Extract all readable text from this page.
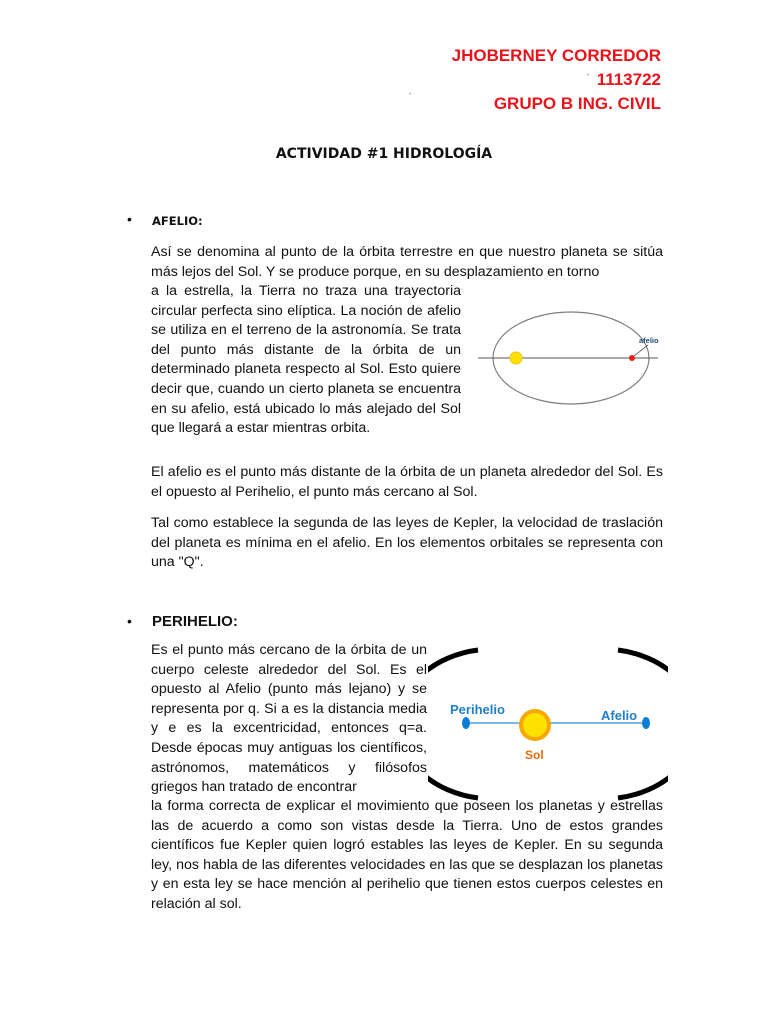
JHOBERNEY CORREDOR
1113722
GRUPO B ING. CIVIL
•
•
ACTIVIDAD #1 HIDROLOGÍA
• AFELIO:

Así se denomina al punto de la órbita terrestre en que nuestro planeta se sitúa más lejos del Sol. Y se produce porque, en su desplazamiento en torno

a la estrella, la Tierra no traza una trayectoria circular perfecta sino elíptica. La noción de afelio se utiliza en el terreno de la astronomía. Se trata del punto más distante de la órbita de un determinado planeta respecto al Sol. Esto quiere decir que, cuando un cierto planeta se encuentra en su afelio, está ubicado lo más alejado del Sol que llegará a estar mientras orbita.

afelio

El afelio es el punto más distante de la órbita de un planeta alrededor del Sol. Es el opuesto al Perihelio, el punto más cercano al Sol.

Tal como establece la segunda de las leyes de Kepler, la velocidad de traslación del planeta es mínima en el afelio. En los elementos orbitales se representa con una "Q".

• PERIHELIO:
Perihelio	Afelio
Sol

Es el punto más cercano de la órbita de un cuerpo celeste alrededor del Sol. Es el opuesto al Afelio (punto más lejano) y se representa por q. Si a es la distancia media y e es la excentricidad, entonces q=a. Desde épocas muy antiguas los científicos, astrónomos, matemáticos y filósofos griegos han tratado de encontrar

la forma correcta de explicar el movimiento que poseen los planetas y estrellas las de acuerdo a como son vistas desde la Tierra. Uno de estos grandes científicos fue Kepler quien logró estables las leyes de Kepler. En su segunda ley, nos habla de las diferentes velocidades en las que se desplazan los planetas y en esta ley se hace mención al perihelio que tienen estos cuerpos celestes en relación al sol.
